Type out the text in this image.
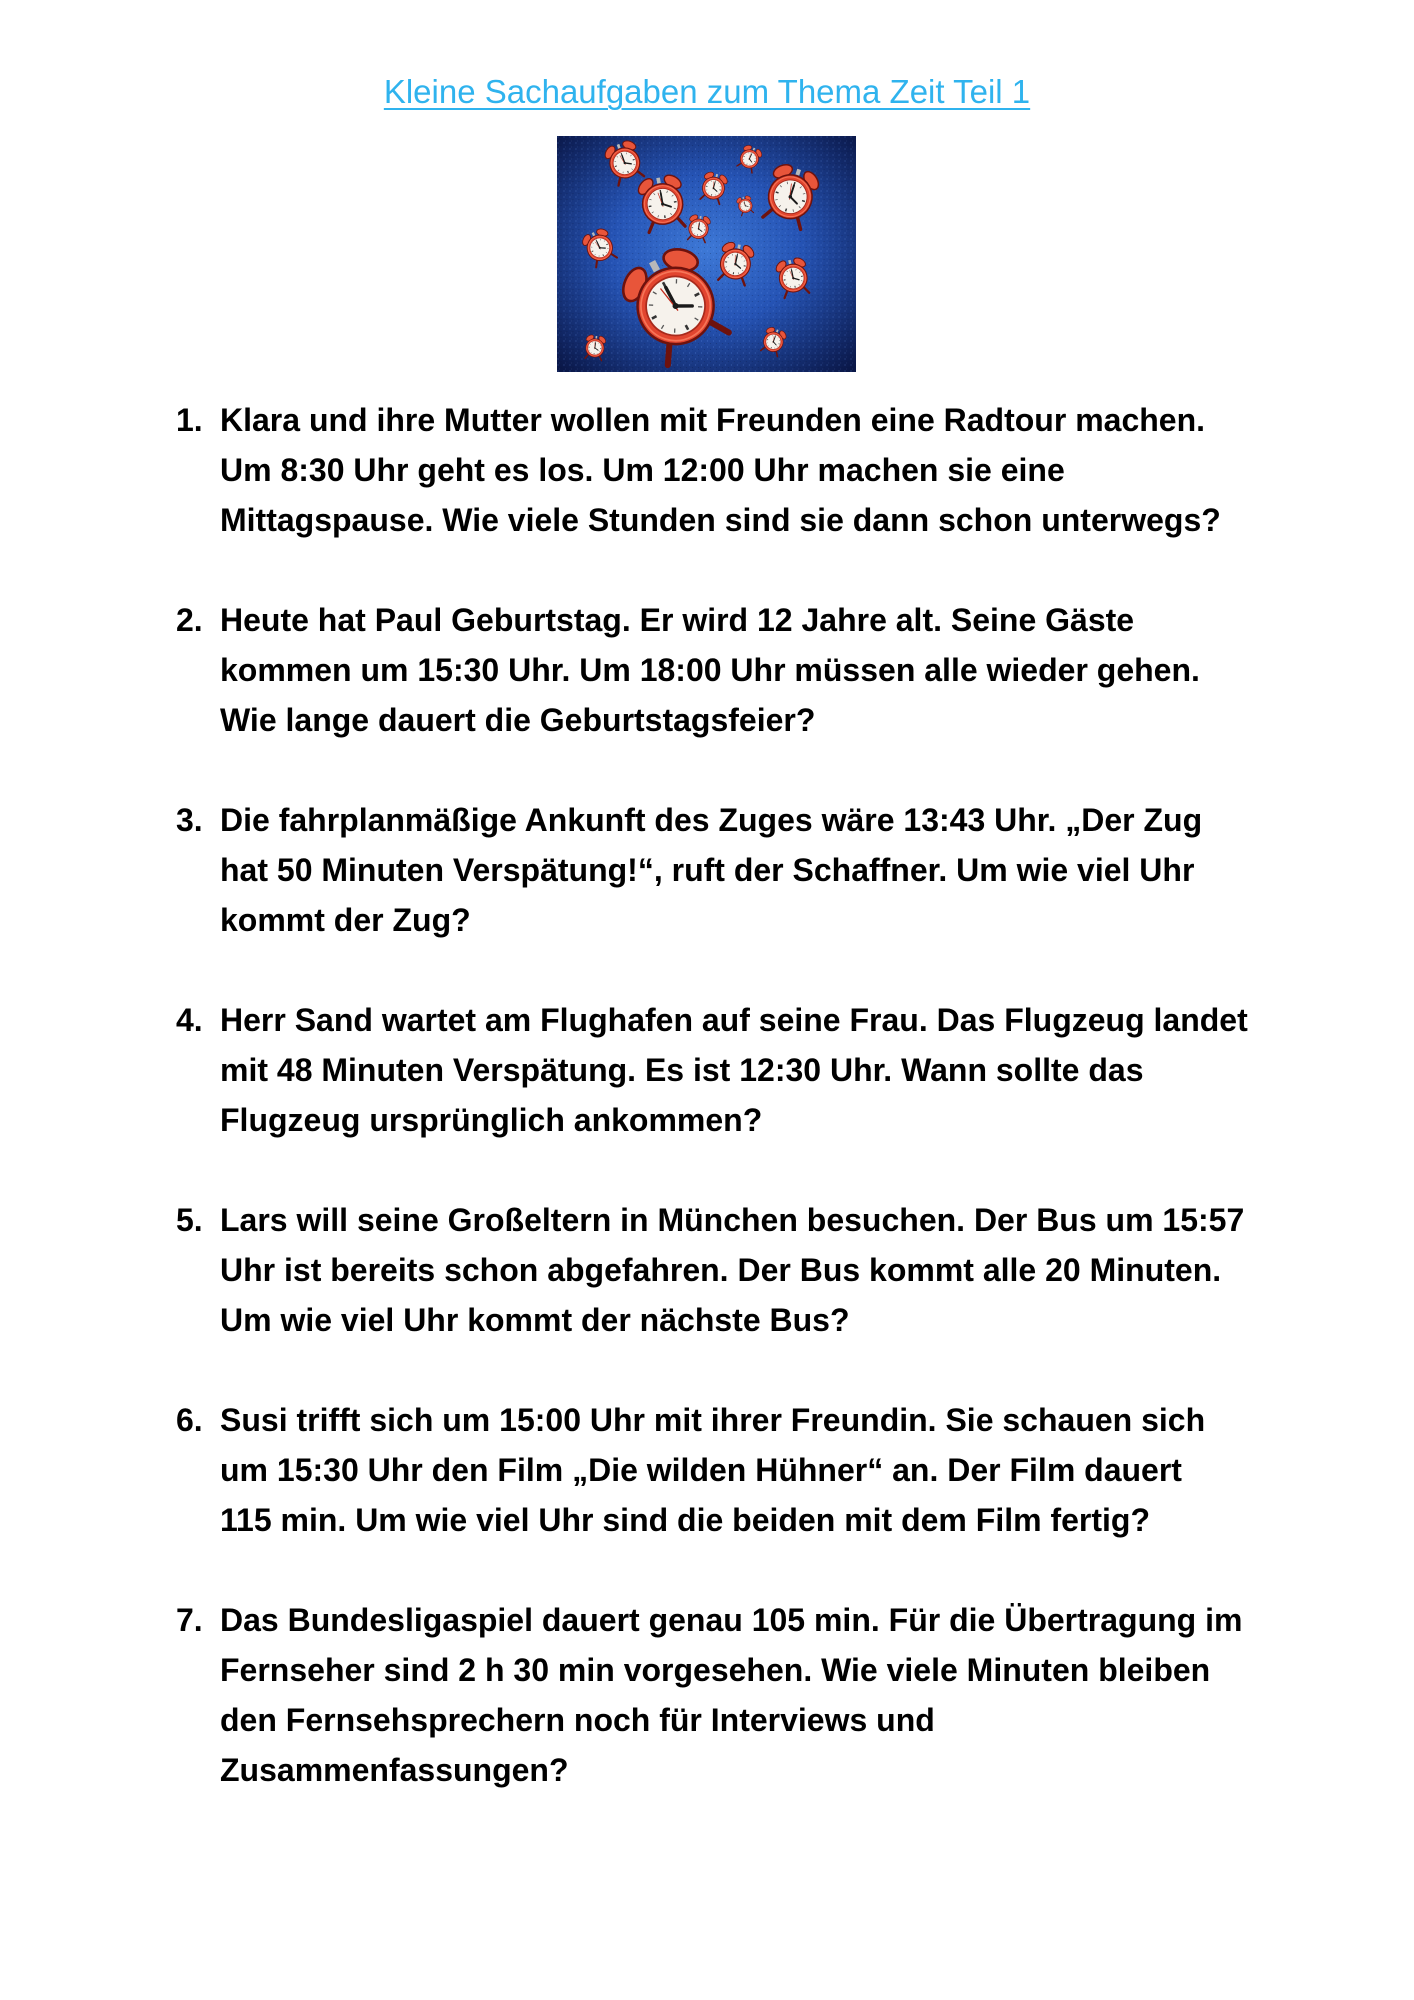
Kleine Sachaufgaben zum Thema Zeit Teil 1
1. Klara und ihre Mutter wollen mit Freunden eine Radtour machen.
Um 8:30 Uhr geht es los. Um 12:00 Uhr machen sie eine
Mittagspause. Wie viele Stunden sind sie dann schon unterwegs?
2. Heute hat Paul Geburtstag. Er wird 12 Jahre alt. Seine Gäste
kommen um 15:30 Uhr. Um 18:00 Uhr müssen alle wieder gehen.
Wie lange dauert die Geburtstagsfeier?
3. Die fahrplanmäßige Ankunft des Zuges wäre 13:43 Uhr. „Der Zug
hat 50 Minuten Verspätung!“, ruft der Schaffner. Um wie viel Uhr
kommt der Zug?
4. Herr Sand wartet am Flughafen auf seine Frau. Das Flugzeug landet
mit 48 Minuten Verspätung. Es ist 12:30 Uhr. Wann sollte das
Flugzeug ursprünglich ankommen?
5. Lars will seine Großeltern in München besuchen. Der Bus um 15:57
Uhr ist bereits schon abgefahren. Der Bus kommt alle 20 Minuten.
Um wie viel Uhr kommt der nächste Bus?
6. Susi trifft sich um 15:00 Uhr mit ihrer Freundin. Sie schauen sich
um 15:30 Uhr den Film „Die wilden Hühner“ an. Der Film dauert
115 min. Um wie viel Uhr sind die beiden mit dem Film fertig?
7. Das Bundesligaspiel dauert genau 105 min. Für die Übertragung im
Fernseher sind 2 h 30 min vorgesehen. Wie viele Minuten bleiben
den Fernsehsprechern noch für Interviews und
Zusammenfassungen?
